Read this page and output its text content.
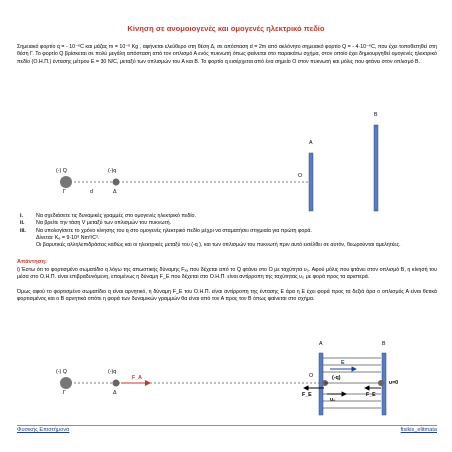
Κίνηση σε ανομοιογενές και ομογενές ηλεκτρικό πεδίο
Σημειακό φορτίο q = - 10⁻⁶C και μάζας m = 10⁻⁶ Kg , αφήνεται ελεύθερο στη θέση Δ, σε απόσταση d = 2m από ακλόνητο σημειακό φορτίο Q = - 4·10⁻⁶C, που έχει τοποθετηθεί στη θέση Γ. Το φορτίο Q βρίσκεται σε πολύ μεγάλη απόσταση από τον οπλισμό Α ενός πυκνωτή όπως φαίνεται στο παρακάτω σχήμα, στον οποίο έχει δημιουργηθεί ομογενές ηλεκτρικό πεδίο (Ο.Η.Π.) έντασης μέτρου E = 30 N/C, μεταξύ των οπλισμών του Α και Β. Το φορτίο q εισέρχεται από ένα σημείο Ο στον πυκνωτή και μόλις που φτάνει στον οπλισμό Β.
(-) Q	(-)q
Γ	d	Δ
O
Α
Β
i. Να σχεδιάσετε τις δυναμικές γραμμές στο ομογενές ηλεκτρικό πεδίο.
ii. Να βρείτε την τάση V μεταξύ των οπλισμών του πυκνωτή.
iii. Να υπολογίσετε το χρόνο κίνησης του q στο ομογενές ηλεκτρικό πεδίο μέχρι να σταματήσει στιγμιαία για πρώτη φορά.
Δίνεται: Kₑ = 9·10⁹ Nm²/C².
Οι βαρυτικές αλληλεπιδράσεις καθώς και οι ηλεκτρικές μεταξύ του (-q ), και των οπλισμών του πυκνωτή πριν αυτό εισέλθει σε αυτόν, θεωρούνται αμελητέες.
Απάντηση:
i) Έστω ότι το φορτισμένο σωματίδιο q λόγω της απωστικής δύναμης Fₓₐ που δέχεται από το Q φτάνει στο Ο με ταχύτητα υ₀. Αφού μόλις που φτάνει στον οπλισμό B, η κίνησή του μέσα στο Ο.Η.Π. είναι επιβραδυνόμενη, επομένως η δύναμη F_E που δέχεται στο Ο.Η.Π. είναι αντίρροπη της ταχύτητας υ₀ με φορά προς τα αριστερά.
Όμως αφού το φορτισμένο σωματίδιο q είναι αρνητικό, η δύναμη F_E του Ο.Η.Π. είναι αντίρροπη της έντασης Ε άρα η Ε έχει φορά προς τα δεξιά άρα ο οπλισμός Α είναι θετικά φορτισμένος και ο Β αρνητικά οπότε η φορά των δυναμικών γραμμών θα είναι από τον Α προς τον Β όπως φαίνεται στο σχήμα.
(-) Q	(-)q
Γ	Δ
F_A	O
A	B
E
(-q)
F_E
υ₀
F_E
υ=0
Φυσικής Επιστήμονα	fisikis_elitmata
